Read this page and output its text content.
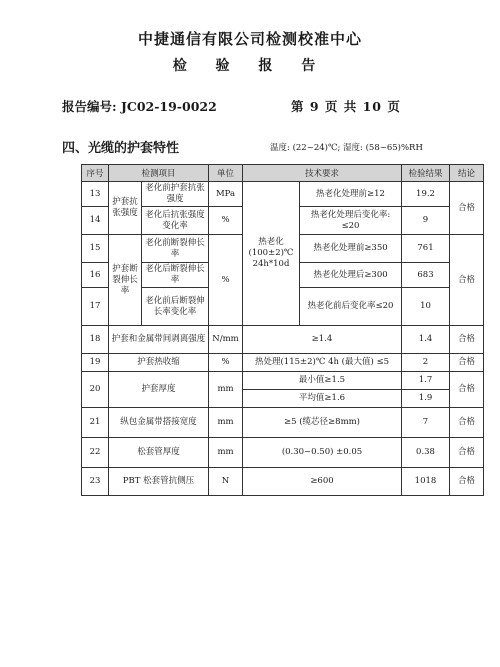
中捷通信有限公司检测校准中心
检 验 报 告
报告编号: JC02-19-0022	第 9 页 共 10 页
四、光缆的护套特性	温度: (22~24)℃; 湿度: (58~65)%RH
序号	检测项目		单位	技术要求		检验结果	结论
13	护套抗张强度	老化前护套抗张强度	MPa	热老化(100±2)℃ 24h*10d	热老化处理前≥12	19.2	合格
14		老化后抗张强度变化率	%		热老化处理后变化率: ≤20	9	
15	护套断裂伸长率	老化前断裂伸长率	%		热老化处理前≥350	761	合格
16		老化后断裂伸长率			热老化处理后≥300	683	
17		老化前后断裂伸长率变化率			热老化前后变化率≤20	10	
18	护套和金属带间剥离强度		N/mm	≥1.4		1.4	合格
19	护套热收缩		%	热处理(115±2)℃ 4h (最大值) ≤5		2	合格
20	护套厚度		mm	最小值≥1.5		1.7	合格
				平均值≥1.6		1.9	
21	纵包金属带搭接宽度		mm	≥5 (缆芯径≥8mm)		7	合格
22	松套管厚度		mm	(0.30~0.50) ±0.05		0.38	合格
23	PBT 松套管抗侧压		N	≥600		1018	合格
